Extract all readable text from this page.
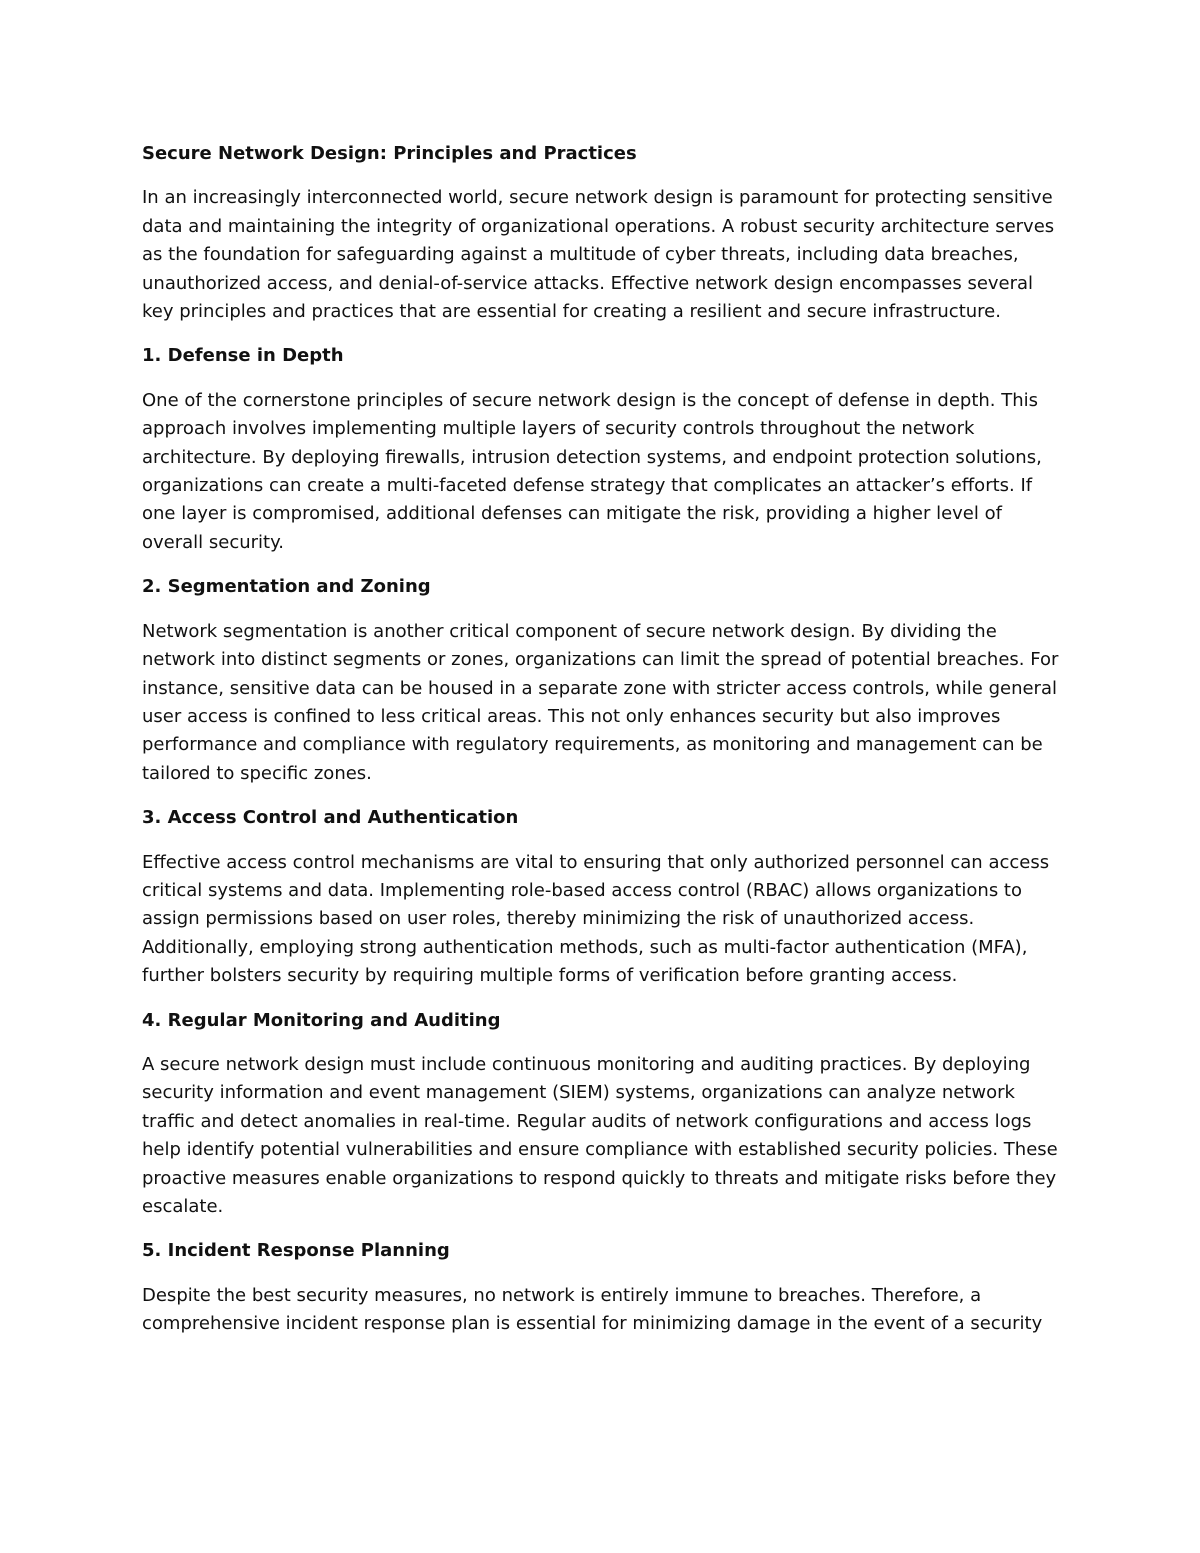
Secure Network Design: Principles and Practices

In an increasingly interconnected world, secure network design is paramount for protecting sensitive data and maintaining the integrity of organizational operations. A robust security architecture serves as the foundation for safeguarding against a multitude of cyber threats, including data breaches, unauthorized access, and denial-of-service attacks. Effective network design encompasses several key principles and practices that are essential for creating a resilient and secure infrastructure.

1. Defense in Depth

One of the cornerstone principles of secure network design is the concept of defense in depth. This approach involves implementing multiple layers of security controls throughout the network architecture. By deploying firewalls, intrusion detection systems, and endpoint protection solutions, organizations can create a multi-faceted defense strategy that complicates an attacker’s efforts. If one layer is compromised, additional defenses can mitigate the risk, providing a higher level of overall security.

2. Segmentation and Zoning

Network segmentation is another critical component of secure network design. By dividing the network into distinct segments or zones, organizations can limit the spread of potential breaches. For instance, sensitive data can be housed in a separate zone with stricter access controls, while general user access is confined to less critical areas. This not only enhances security but also improves performance and compliance with regulatory requirements, as monitoring and management can be tailored to specific zones.

3. Access Control and Authentication

Effective access control mechanisms are vital to ensuring that only authorized personnel can access critical systems and data. Implementing role-based access control (RBAC) allows organizations to assign permissions based on user roles, thereby minimizing the risk of unauthorized access. Additionally, employing strong authentication methods, such as multi-factor authentication (MFA), further bolsters security by requiring multiple forms of verification before granting access.

4. Regular Monitoring and Auditing

A secure network design must include continuous monitoring and auditing practices. By deploying security information and event management (SIEM) systems, organizations can analyze network traffic and detect anomalies in real-time. Regular audits of network configurations and access logs help identify potential vulnerabilities and ensure compliance with established security policies. These proactive measures enable organizations to respond quickly to threats and mitigate risks before they escalate.

5. Incident Response Planning

Despite the best security measures, no network is entirely immune to breaches. Therefore, a comprehensive incident response plan is essential for minimizing damage in the event of a security
